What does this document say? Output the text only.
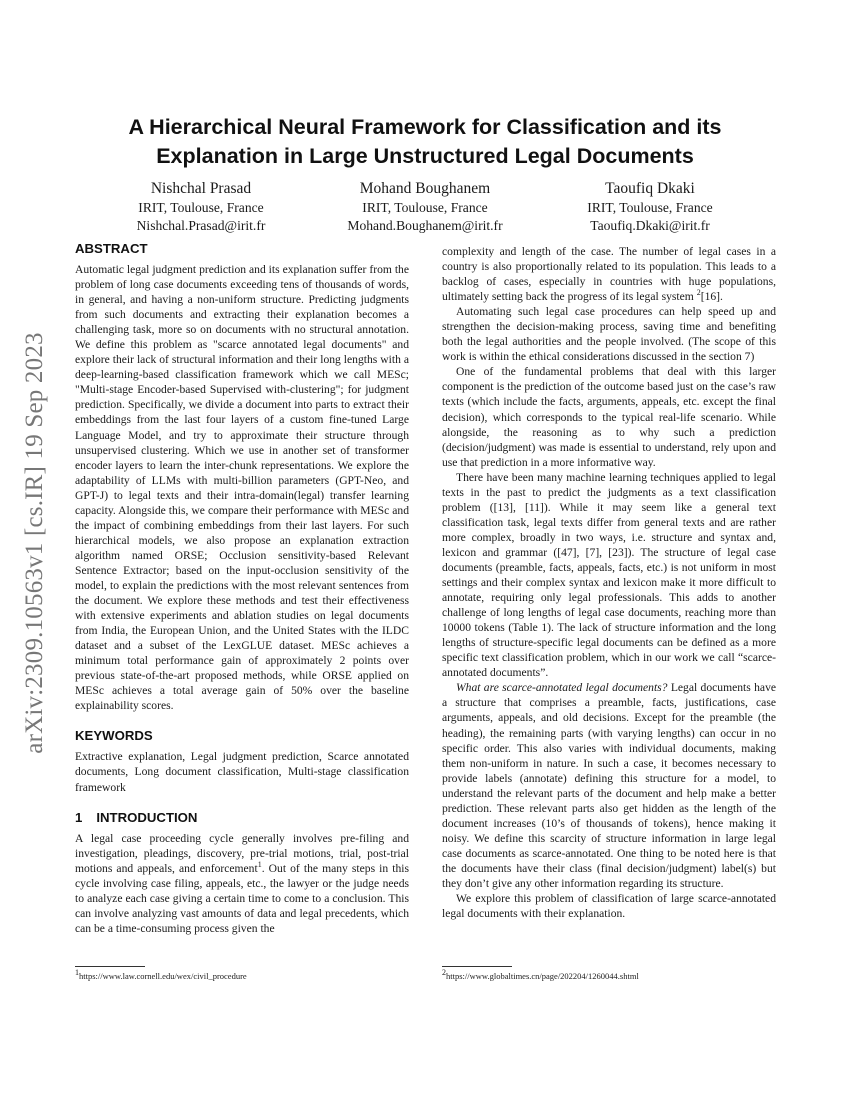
arXiv:2309.10563v1 [cs.IR] 19 Sep 2023
A Hierarchical Neural Framework for Classification and its
Explanation in Large Unstructured Legal Documents
Nishchal Prasad
IRIT, Toulouse, France
Nishchal.Prasad@irit.fr
Mohand Boughanem
IRIT, Toulouse, France
Mohand.Boughanem@irit.fr
Taoufiq Dkaki
IRIT, Toulouse, France
Taoufiq.Dkaki@irit.fr
ABSTRACT

Automatic legal judgment prediction and its explanation suffer from the problem of long case documents exceeding tens of thousands of words, in general, and having a non-uniform structure. Predicting judgments from such documents and extracting their explanation becomes a challenging task, more so on documents with no structural annotation. We define this problem as "scarce annotated legal documents" and explore their lack of structural information and their long lengths with a deep-learning-based classification framework which we call MESc; "Multi-stage Encoder-based Supervised with-clustering"; for judgment prediction. Specifically, we divide a document into parts to extract their embeddings from the last four layers of a custom fine-tuned Large Language Model, and try to approximate their structure through unsupervised clustering. Which we use in another set of transformer encoder layers to learn the inter-chunk representations. We explore the adaptability of LLMs with multi-billion parameters (GPT-Neo, and GPT-J) to legal texts and their intra-domain(legal) transfer learning capacity. Alongside this, we compare their performance with MESc and the impact of combining embeddings from their last layers. For such hierarchical models, we also propose an explanation extraction algorithm named ORSE; Occlusion sensitivity-based Relevant Sentence Extractor; based on the input-occlusion sensitivity of the model, to explain the predictions with the most relevant sentences from the document. We explore these methods and test their effectiveness with extensive experiments and ablation studies on legal documents from India, the European Union, and the United States with the ILDC dataset and a subset of the LexGLUE dataset. MESc achieves a minimum total performance gain of approximately 2 points over previous state-of-the-art proposed methods, while ORSE applied on MESc achieves a total average gain of 50% over the baseline explainability scores.

KEYWORDS

Extractive explanation, Legal judgment prediction, Scarce annotated documents, Long document classification, Multi-stage classification framework

1 INTRODUCTION

A legal case proceeding cycle generally involves pre-filing and investigation, pleadings, discovery, pre-trial motions, trial, post-trial motions and appeals, and enforcement$^1$. Out of the many steps in this cycle involving case filing, appeals, etc., the lawyer or the judge needs to analyze each case giving a certain time to come to a conclusion. This can involve analyzing vast amounts of data and legal precedents, which can be a time-consuming process given the

complexity and length of the case. The number of legal cases in a country is also proportionally related to its population. This leads to a backlog of cases, especially in countries with huge populations, ultimately setting back the progress of its legal system $^2$[16].

Automating such legal case procedures can help speed up and strengthen the decision-making process, saving time and benefiting both the legal authorities and the people involved. (The scope of this work is within the ethical considerations discussed in the section 7)

One of the fundamental problems that deal with this larger component is the prediction of the outcome based just on the case’s raw texts (which include the facts, arguments, appeals, etc. except the final decision), which corresponds to the typical real-life scenario. While alongside, the reasoning as to why such a prediction (decision/judgment) was made is essential to understand, rely upon and use that prediction in a more informative way.

There have been many machine learning techniques applied to legal texts in the past to predict the judgments as a text classification problem ([13], [11]). While it may seem like a general text classification task, legal texts differ from general texts and are rather more complex, broadly in two ways, i.e. structure and syntax and, lexicon and grammar ([47], [7], [23]). The structure of legal case documents (preamble, facts, appeals, facts, etc.) is not uniform in most settings and their complex syntax and lexicon make it more difficult to annotate, requiring only legal professionals. This adds to another challenge of long lengths of legal case documents, reaching more than 10000 tokens (Table 1). The lack of structure information and the long lengths of structure-specific legal documents can be defined as a more specific text classification problem, which in our work we call “scarce-annotated documents”.

What are scarce-annotated legal documents? Legal documents have a structure that comprises a preamble, facts, justifications, case arguments, appeals, and old decisions. Except for the preamble (the heading), the remaining parts (with varying lengths) can occur in no specific order. This also varies with individual documents, making them non-uniform in nature. In such a case, it becomes necessary to provide labels (annotate) defining this structure for a model, to understand the relevant parts of the document and help make a better prediction. These relevant parts also get hidden as the length of the document increases (10’s of thousands of tokens), hence making it noisy. We define this scarcity of structure information in large legal case documents as scarce-annotated. One thing to be noted here is that the documents have their class (final decision/judgment) label(s) but they don’t give any other information regarding its structure.

We explore this problem of classification of large scarce-annotated legal documents with their explanation.

$^1$https://www.law.cornell.edu/wex/civil_procedure	$^2$https://www.globaltimes.cn/page/202204/1260044.shtml
